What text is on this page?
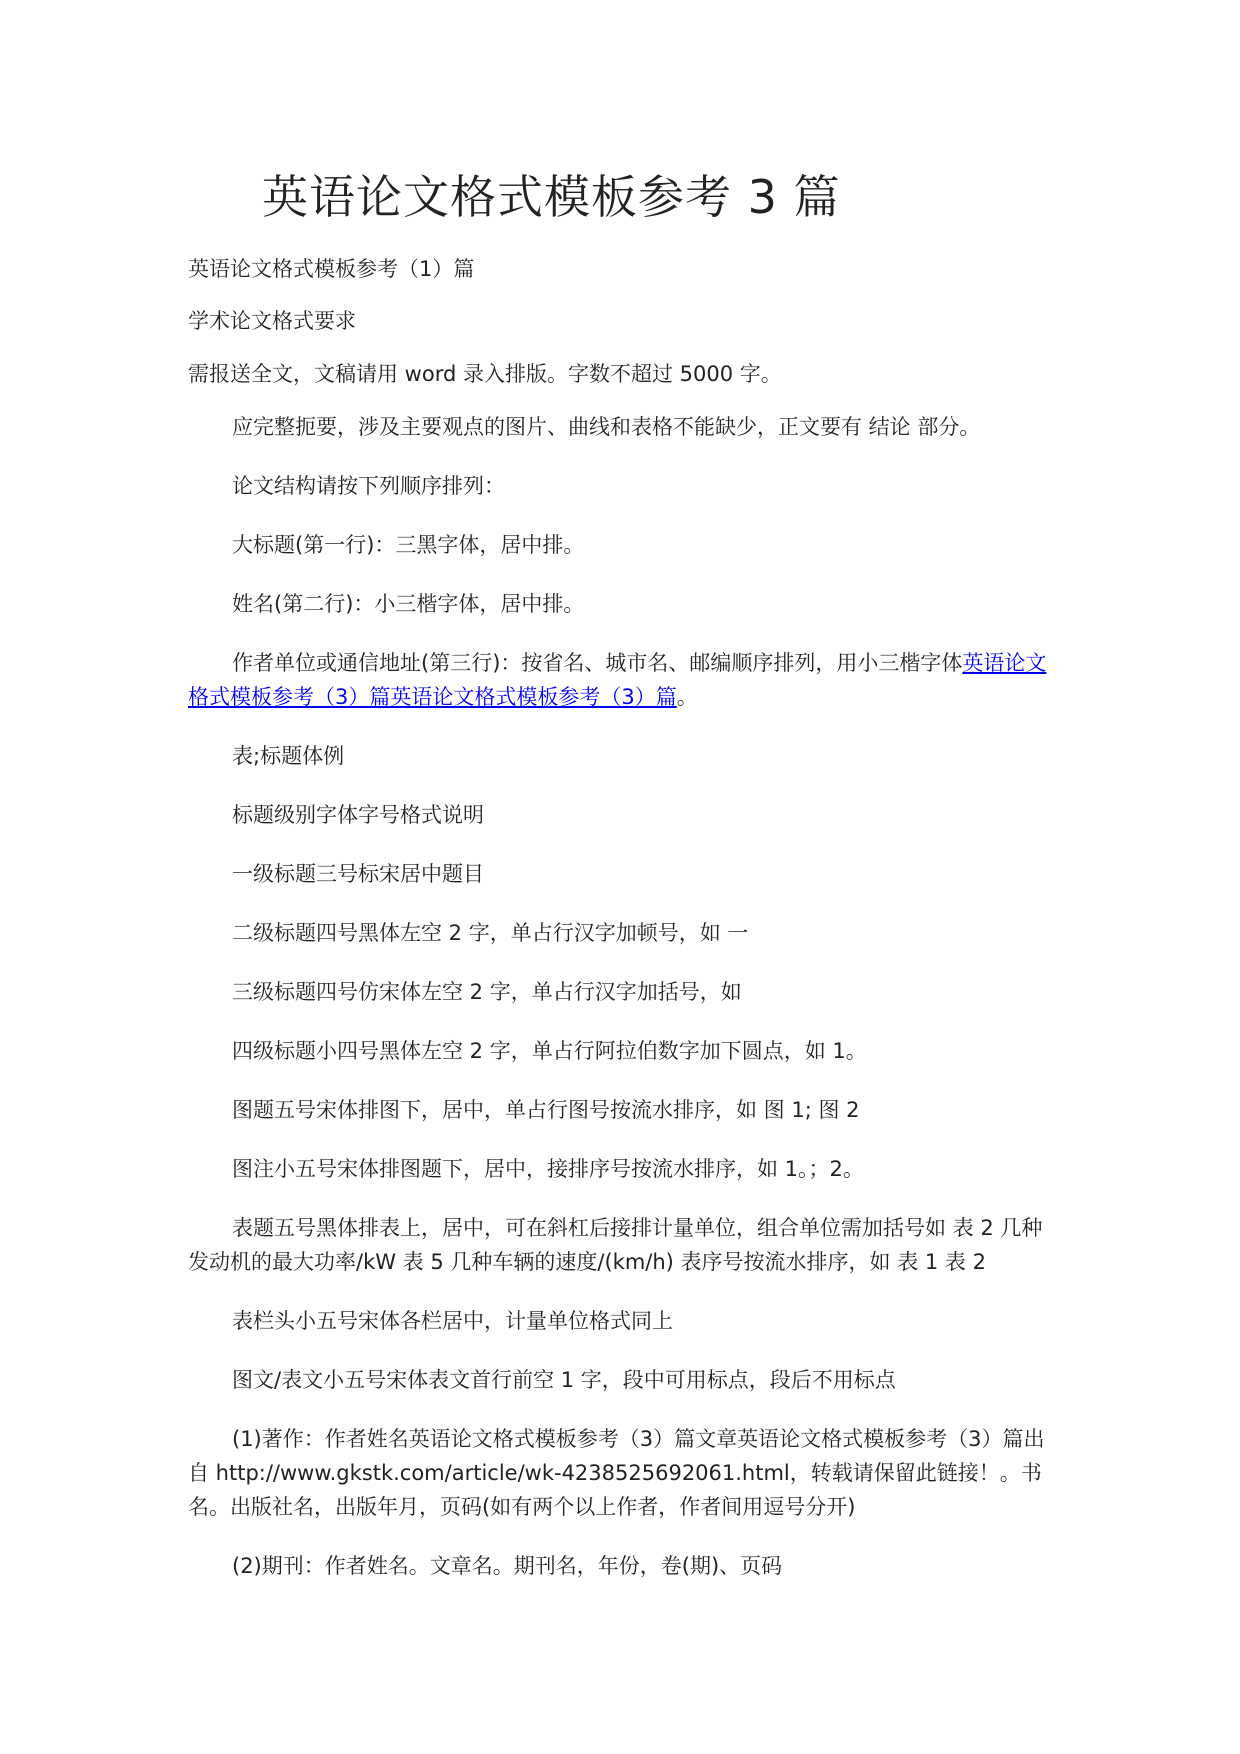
英语论文格式模板参考 3 篇

英语论文格式模板参考（1）篇

学术论文格式要求

需报送全文，文稿请用 word 录入排版。字数不超过 5000 字。

应完整扼要，涉及主要观点的图片、曲线和表格不能缺少，正文要有 结论 部分。

论文结构请按下列顺序排列：

大标题(第一行)：三黑字体，居中排。

姓名(第二行)：小三楷字体，居中排。

作者单位或通信地址(第三行)：按省名、城市名、邮编顺序排列，用小三楷字体英语论文格式模板参考（3）篇英语论文格式模板参考（3）篇。

表;标题体例

标题级别字体字号格式说明

一级标题三号标宋居中题目

二级标题四号黑体左空 2 字，单占行汉字加顿号，如 一

三级标题四号仿宋体左空 2 字，单占行汉字加括号，如

四级标题小四号黑体左空 2 字，单占行阿拉伯数字加下圆点，如 1。

图题五号宋体排图下，居中，单占行图号按流水排序，如 图 1; 图 2

图注小五号宋体排图题下，居中，接排序号按流水排序，如 1。；2。

表题五号黑体排表上，居中，可在斜杠后接排计量单位，组合单位需加括号如 表 2 几种发动机的最大功率/kW 表 5 几种车辆的速度/(km/h) 表序号按流水排序，如 表 1 表 2

表栏头小五号宋体各栏居中，计量单位格式同上

图文/表文小五号宋体表文首行前空 1 字，段中可用标点，段后不用标点

(1)著作：作者姓名英语论文格式模板参考（3）篇文章英语论文格式模板参考（3）篇出自 http://www.gkstk.com/article/wk-4238525692061.html，转载请保留此链接！。书名。出版社名，出版年月，页码(如有两个以上作者，作者间用逗号分开)

(2)期刊：作者姓名。文章名。期刊名，年份，卷(期)、页码
